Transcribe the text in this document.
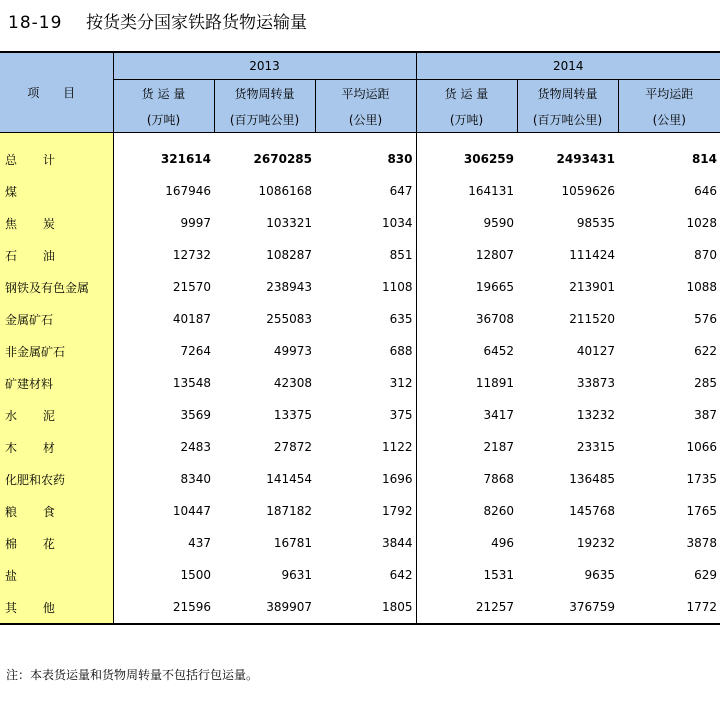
18-19 按货类分国家铁路货物运输量
项 目	2013			2014		
	货 运 量	货物周转量	平均运距	货 运 量	货物周转量	平均运距
	(万吨)	(百万吨公里)	(公里)	(万吨)	(百万吨公里)	(公里)
总 计	321614	2670285	830	306259	2493431	814
煤	167946	1086168	647	164131	1059626	646
焦 炭	9997	103321	1034	9590	98535	1028
石 油	12732	108287	851	12807	111424	870
钢铁及有色金属	21570	238943	1108	19665	213901	1088
金属矿石	40187	255083	635	36708	211520	576
非金属矿石	7264	49973	688	6452	40127	622
矿建材料	13548	42308	312	11891	33873	285
水 泥	3569	13375	375	3417	13232	387
木 材	2483	27872	1122	2187	23315	1066
化肥和农药	8340	141454	1696	7868	136485	1735
粮 食	10447	187182	1792	8260	145768	1765
棉 花	437	16781	3844	496	19232	3878
盐	1500	9631	642	1531	9635	629
其 他	21596	389907	1805	21257	376759	1772
注：本表货运量和货物周转量不包括行包运量。
